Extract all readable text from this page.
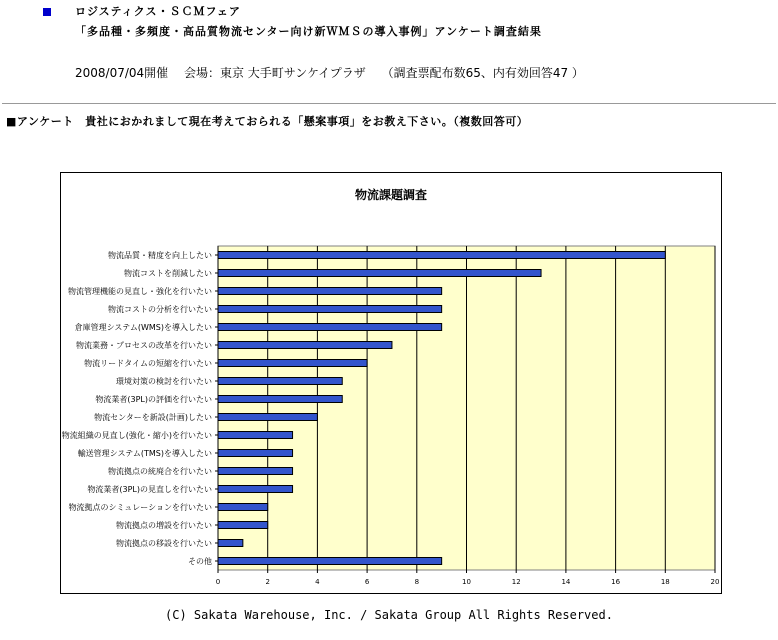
ロジスティクス・ＳＣＭフェア
「多品種・多頻度・高品質物流センター向け新ＷＭＳの導入事例」アンケート調査結果
2008/07/04開催　 会場：東京 大手町サンケイプラザ　 （調査票配布数65、内有効回答47 ）
■アンケート　貴社におかれまして現在考えておられる「懸案事項」をお教え下さい。（複数回答可）
物流課題調査
物流品質・精度を向上したい
物流コストを削減したい
物流管理機能の見直し・強化を行いたい
物流コストの分析を行いたい
倉庫管理システム(WMS)を導入したい
物流業務・プロセスの改革を行いたい
物流リードタイムの短縮を行いたい
環境対策の検討を行いたい
物流業者(3PL)の評価を行いたい
物流センターを新設(計画)したい
物流組織の見直し(強化・縮小)を行いたい
輸送管理システム(TMS)を導入したい
物流拠点の統廃合を行いたい
物流業者(3PL)の見直しを行いたい
物流拠点のシミュレーションを行いたい
物流拠点の増設を行いたい
物流拠点の移設を行いたい
その他
0	2	4	6	8	10	12	14	16	18	20
(C) Sakata Warehouse, Inc. / Sakata Group All Rights Reserved.
